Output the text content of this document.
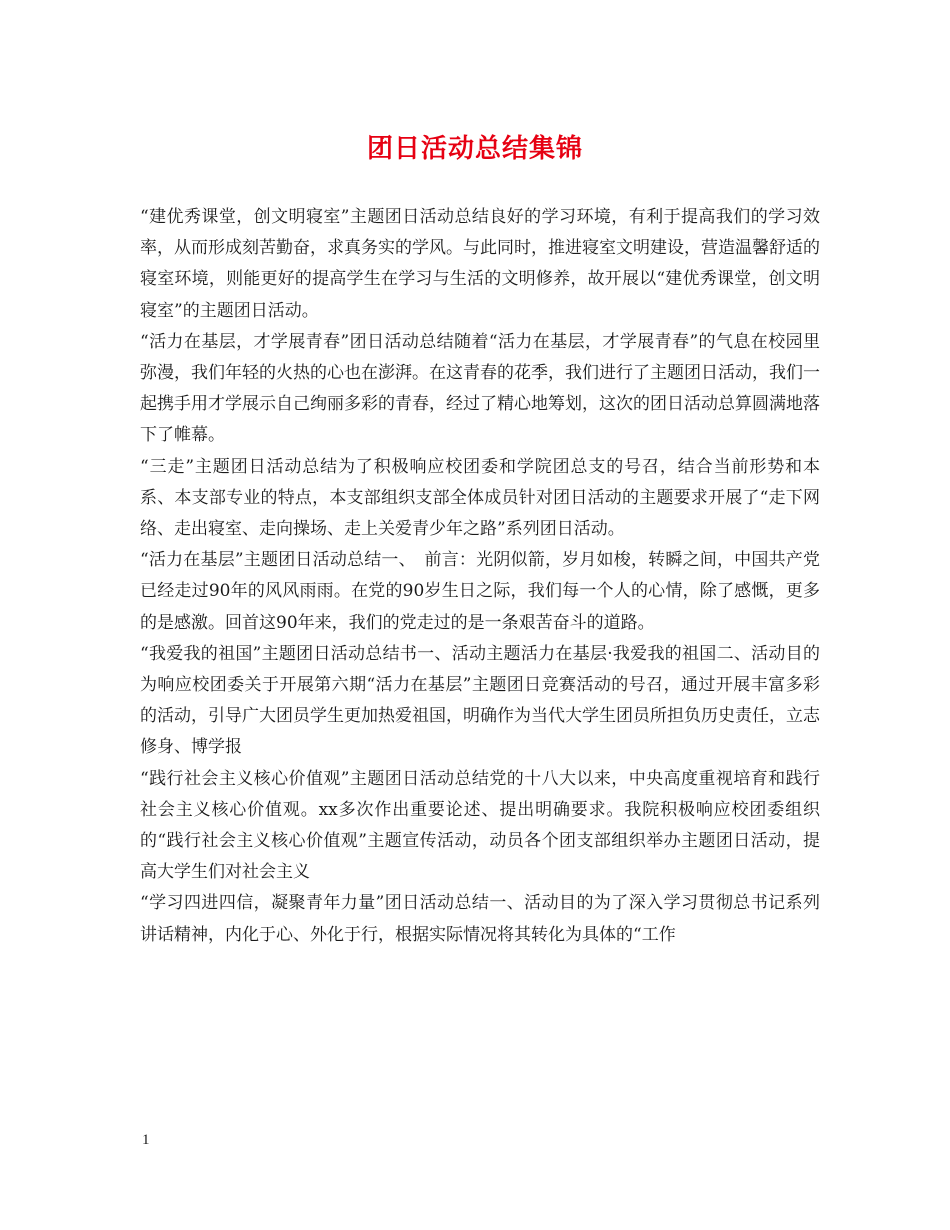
团日活动总结集锦

“建优秀课堂，创文明寝室”主题团日活动总结良好的学习环境，有利于提高我们的学习效率，从而形成刻苦勤奋，求真务实的学风。与此同时，推进寝室文明建设，营造温馨舒适的寝室环境，则能更好的提高学生在学习与生活的文明修养，故开展以“建优秀课堂，创文明寝室”的主题团日活动。

“活力在基层，才学展青春”团日活动总结随着“活力在基层，才学展青春”的气息在校园里弥漫，我们年轻的火热的心也在澎湃。在这青春的花季，我们进行了主题团日活动，我们一起携手用才学展示自己绚丽多彩的青春，经过了精心地筹划，这次的团日活动总算圆满地落下了帷幕。

“三走”主题团日活动总结为了积极响应校团委和学院团总支的号召，结合当前形势和本系、本支部专业的特点，本支部组织支部全体成员针对团日活动的主题要求开展了“走下网络、走出寝室、走向操场、走上关爱青少年之路”系列团日活动。

“活力在基层”主题团日活动总结一、　前言：光阴似箭，岁月如梭，转瞬之间，中国共产党已经走过90年的风风雨雨。在党的90岁生日之际，我们每一个人的心情，除了感慨，更多的是感激。回首这90年来，我们的党走过的是一条艰苦奋斗的道路。

“我爱我的祖国”主题团日活动总结书一、活动主题活力在基层·我爱我的祖国二、活动目的为响应校团委关于开展第六期“活力在基层”主题团日竞赛活动的号召，通过开展丰富多彩的活动，引导广大团员学生更加热爱祖国，明确作为当代大学生团员所担负历史责任，立志修身、博学报

“践行社会主义核心价值观”主题团日活动总结党的十八大以来，中央高度重视培育和践行社会主义核心价值观。xx多次作出重要论述、提出明确要求。我院积极响应校团委组织的“践行社会主义核心价值观”主题宣传活动，动员各个团支部组织举办主题团日活动，提高大学生们对社会主义

“学习四进四信，凝聚青年力量”团日活动总结一、活动目的为了深入学习贯彻总书记系列讲话精神，内化于心、外化于行，根据实际情况将其转化为具体的“工作

1
